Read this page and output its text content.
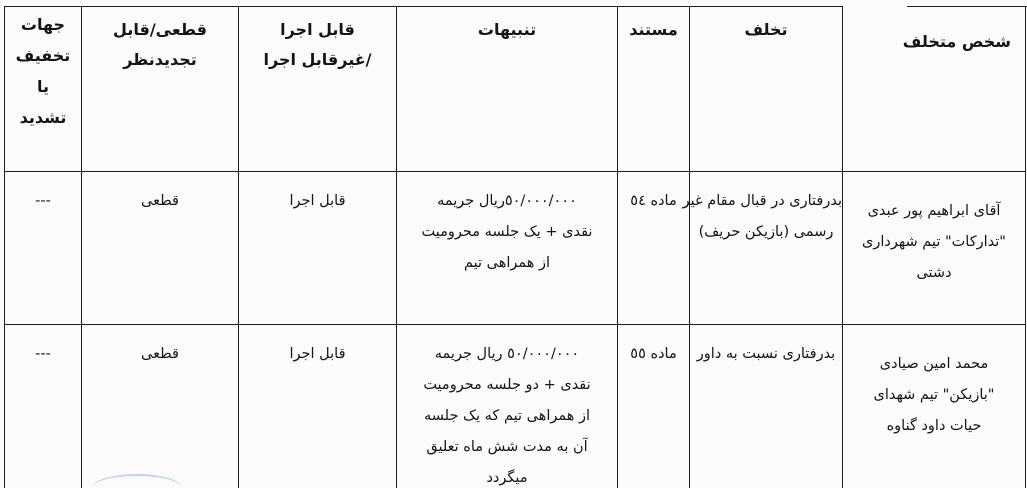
شخص متخلف	تخلف	مستند	تنبیهات	قابل اجرا
/غیرقابل اجرا	قطعی/قابل
تجدیدنظر	جهات
تخفیف
یا
تشدید

آقای ابراهیم پور عبدی
"تدارکات" تیم شهرداری
دشتی	بدرفتاری در قبال مقام غیر
رسمی (بازیکن حریف)	ماده ٥٤	٥٠/٠٠٠/٠٠٠ریال جریمه
نقدی + یک جلسه محرومیت
از همراهی تیم	قابل اجرا	قطعی	---

محمد امین صیادی
"بازیکن" تیم شهدای
حیات داود گناوه	بدرفتاری نسبت به داور	ماده ٥٥	٥٠/٠٠٠/٠٠٠ ریال جریمه
نقدی + دو جلسه محرومیت
از همراهی تیم که یک جلسه
آن به مدت شش ماه تعلیق
میگردد	قابل اجرا	قطعی	---
